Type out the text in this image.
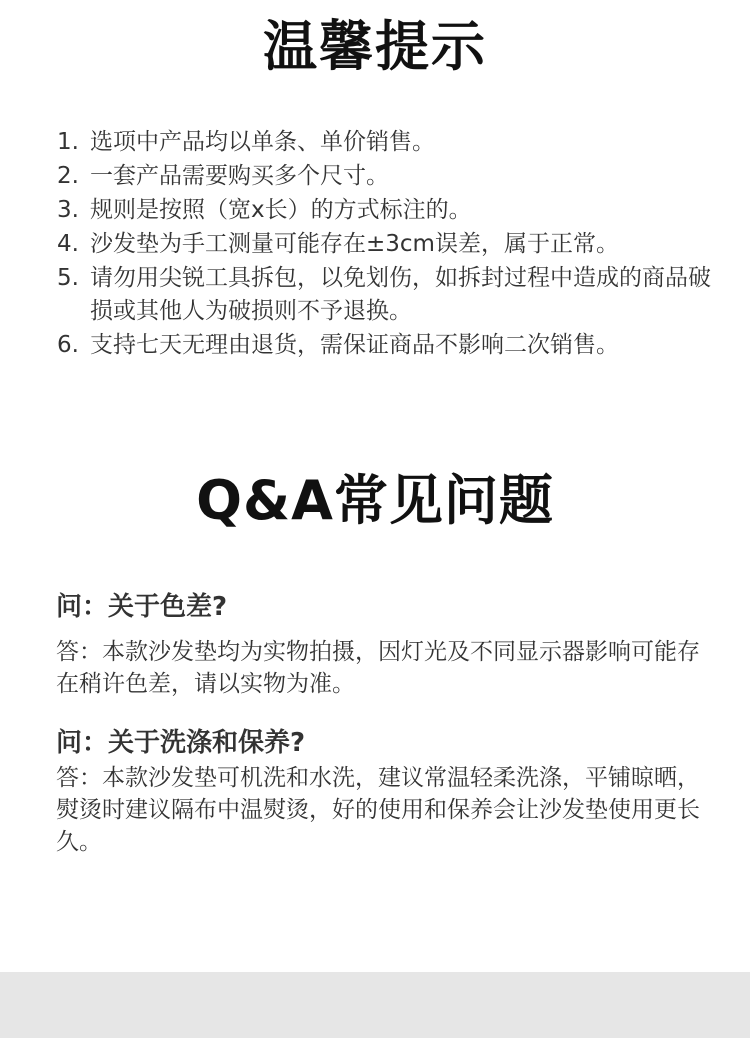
温馨提示
1. 选项中产品均以单条、单价销售。
2. 一套产品需要购买多个尺寸。
3. 规则是按照（宽x长）的方式标注的。
4. 沙发垫为手工测量可能存在±3cm误差，属于正常。
5. 请勿用尖锐工具拆包，以免划伤，如拆封过程中造成的商品破损或其他人为破损则不予退换。
6. 支持七天无理由退货，需保证商品不影响二次销售。
Q&A常见问题

问：关于色差?

答：本款沙发垫均为实物拍摄，因灯光及不同显示器影响可能存在稍许色差，请以实物为准。

问：关于洗涤和保养?

答：本款沙发垫可机洗和水洗，建议常温轻柔洗涤，平铺晾晒，熨烫时建议隔布中温熨烫，好的使用和保养会让沙发垫使用更长久。
